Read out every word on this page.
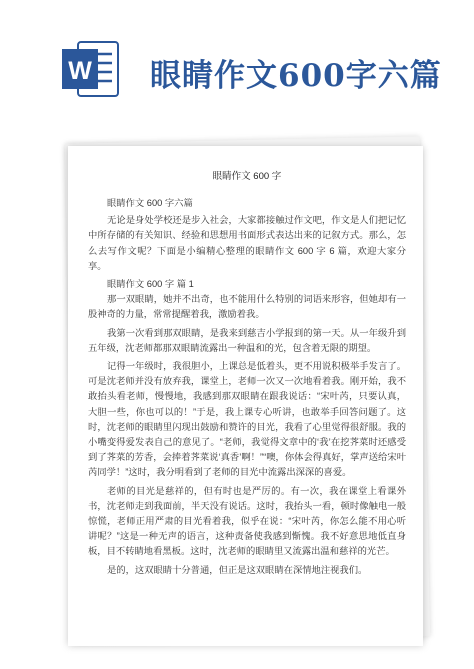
W 眼睛作文600字六篇
眼睛作文 600 字

眼睛作文 600 字六篇

无论是身处学校还是步入社会，大家都接触过作文吧，作文是人们把记忆中所存储的有关知识、经验和思想用书面形式表达出来的记叙方式。那么，怎么去写作文呢？下面是小编精心整理的眼睛作文 600 字 6 篇，欢迎大家分享。

眼睛作文 600 字 篇 1

那一双眼睛，她并不出奇，也不能用什么特别的词语来形容，但她却有一股神奇的力量，常常提醒着我，激励着我。

我第一次看到那双眼睛，是我来到慈吉小学报到的第一天。从一年级升到五年级，沈老师都那双眼睛流露出一种温和的光，包含着无限的期望。

记得一年级时，我很胆小，上课总是低着头，更不用说积极举手发言了。可是沈老师并没有放弃我，课堂上，老师一次又一次地看着我。刚开始，我不敢抬头看老师，慢慢地，我感到那双眼睛在跟我说话：“宋叶芮，只要认真，大胆一些，你也可以的！”于是，我上课专心听讲，也敢举手回答问题了。这时，沈老师的眼睛里闪现出鼓励和赞许的目光，我看了心里觉得很舒服。我的小嘴变得爱发表自己的意见了。“老师，我觉得文章中的‘我’在挖荠菜时还感受到了荠菜的芳香，会捧着荠菜说‘真香’啊！”“噢，你体会得真好，掌声送给宋叶芮同学！”这时，我分明看到了老师的目光中流露出深深的喜爱。

老师的目光是慈祥的，但有时也是严厉的。有一次，我在课堂上看课外书，沈老师走到我面前，半天没有说话。这时，我抬头一看，顿时像触电一般惊慌，老师正用严肃的目光看着我，似乎在说：“宋叶芮，你怎么能不用心听讲呢？”这是一种无声的语言，这种责备使我感到惭愧。我不好意思地低直身板，目不转睛地看黑板。这时，沈老师的眼睛里又流露出温和慈祥的光芒。

是的，这双眼睛十分普通，但正是这双眼睛在深情地注视我们。
